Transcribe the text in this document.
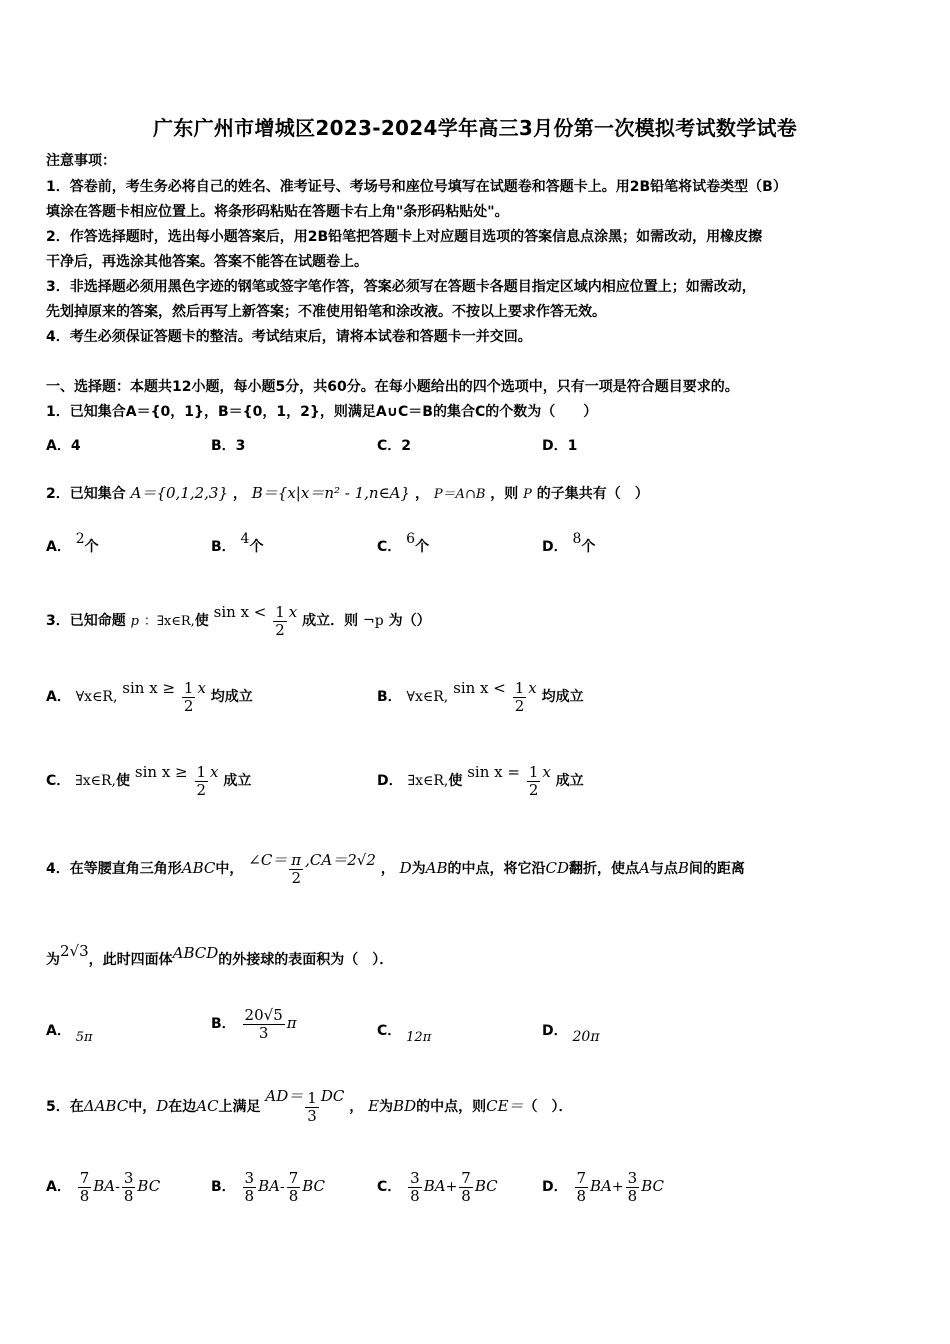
广东广州市增城区2023-2024学年高三3月份第一次模拟考试数学试卷
注意事项：
1．答卷前，考生务必将自己的姓名、准考证号、考场号和座位号填写在试题卷和答题卡上。用2B铅笔将试卷类型（B）
填涂在答题卡相应位置上。将条形码粘贴在答题卡右上角"条形码粘贴处"。
2．作答选择题时，选出每小题答案后，用2B铅笔把答题卡上对应题目选项的答案信息点涂黑；如需改动，用橡皮擦
干净后，再选涂其他答案。答案不能答在试题卷上。
3．非选择题必须用黑色字迹的钢笔或签字笔作答，答案必须写在答题卡各题目指定区域内相应位置上；如需改动，
先划掉原来的答案，然后再写上新答案；不准使用铅笔和涂改液。不按以上要求作答无效。
4．考生必须保证答题卡的整洁。考试结束后，请将本试卷和答题卡一并交回。
一、选择题：本题共12小题，每小题5分，共60分。在每小题给出的四个选项中，只有一项是符合题目要求的。
1．已知集合A＝{0，1}，B＝{0，1，2}，则满足A∪C＝B的集合C的个数为（　　）
A．4	B．3	C．2	D．1
2．已知集合 A＝{0,1,2,3} ， B＝{x|x＝n² - 1,n∈A} ， P＝A∩B ，则 P 的子集共有（　）
A． 2个	B． 4个	C． 6个	D． 8个
3．已知命题 p ：∃x∈R,使 $\sin x < \frac{1}{2}$ x 成立．则 ¬p 为（）
A． ∀x∈R, $\sin x \ge \frac{1}{2}$ x 均成立	B． ∀x∈R, $\sin x < \frac{1}{2}$ x 均成立
C． ∃x∈R,使 $\sin x \ge \frac{1}{2}$ x 成立	D． ∃x∈R,使 $\sin x = \frac{1}{2}$ x 成立
4．在等腰直角三角形ABC中， ∠C＝ $\frac{\pi}{2} ,CA=2√2$ ， D为AB的中点，将它沿CD翻折，使点A与点B间的距离
为2√3，此时四面体ABCD的外接球的表面积为（　）．
A． 5π
B． $\frac{20√5}{3}$ π	C． 12π	D． 20π
5．在ΔABC中，D在边AC上满足 $AD= \frac{1}{3}$ DC ， E为BD的中点，则CE＝（　）．
A． $\frac{7}{8} BA- \frac{3}{8}$ BC	B． $\frac{3}{8} BA- \frac{7}{8}$ BC	C． $\frac{3}{8} BA+ \frac{7}{8}$ BC	D． $\frac{7}{8} BA+ \frac{3}{8}$ BC
